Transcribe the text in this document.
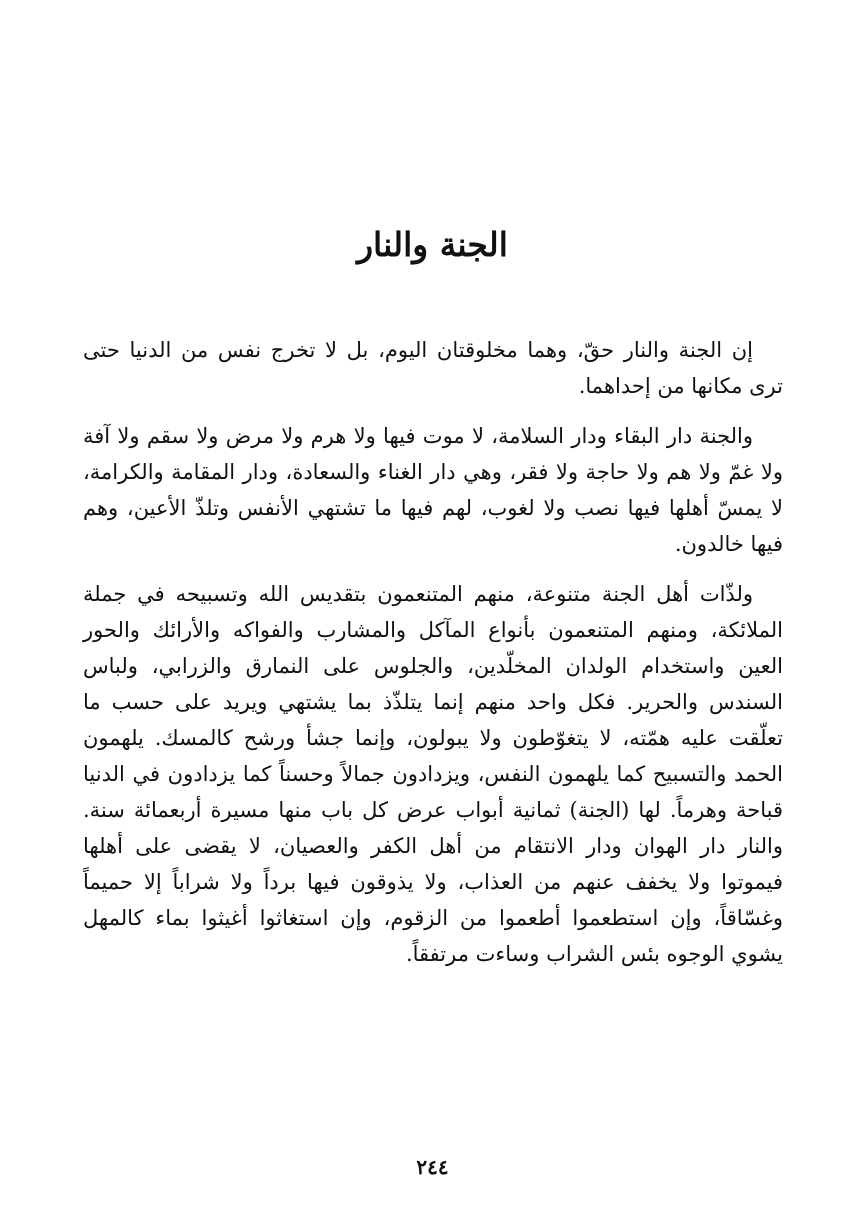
الجنة والنار

إن الجنة والنار حقّ، وهما مخلوقتان اليوم، بل لا تخرج نفس من الدنيا حتى ترى مكانها من إحداهما.

والجنة دار البقاء ودار السلامة، لا موت فيها ولا هرم ولا مرض ولا سقم ولا آفة ولا غمّ ولا هم ولا حاجة ولا فقر، وهي دار الغناء والسعادة، ودار المقامة والكرامة، لا يمسّ أهلها فيها نصب ولا لغوب، لهم فيها ما تشتهي الأنفس وتلذّ الأعين، وهم فيها خالدون.

ولذّات أهل الجنة متنوعة، منهم المتنعمون بتقديس الله وتسبيحه في جملة الملائكة، ومنهم المتنعمون بأنواع المآكل والمشارب والفواكه والأرائك والحور العين واستخدام الولدان المخلّدين، والجلوس على النمارق والزرابي، ولباس السندس والحرير. فكل واحد منهم إنما يتلذّذ بما يشتهي ويريد على حسب ما تعلّقت عليه همّته، لا يتغوّطون ولا يبولون، وإنما جشأ ورشح كالمسك. يلهمون الحمد والتسبيح كما يلهمون النفس، ويزدادون جمالاً وحسناً كما يزدادون في الدنيا قباحة وهرماً. لها (الجنة) ثمانية أبواب عرض كل باب منها مسيرة أربعمائة سنة. والنار دار الهوان ودار الانتقام من أهل الكفر والعصيان، لا يقضى على أهلها فيموتوا ولا يخفف عنهم من العذاب، ولا يذوقون فيها برداً ولا شراباً إلا حميماً وغسّاقاً، وإن استطعموا أطعموا من الزقوم، وإن استغاثوا أغيثوا بماء كالمهل يشوي الوجوه بئس الشراب وساءت مرتفقاً.

٢٤٤
